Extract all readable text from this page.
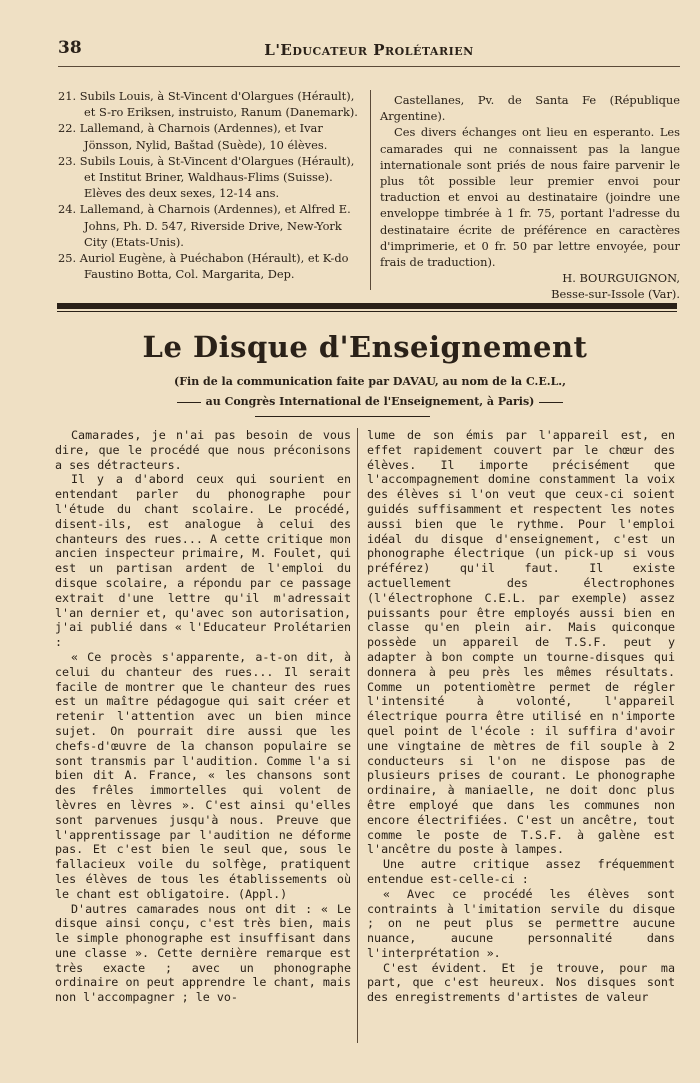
38	L'Educateur Prolétarien
21. Subils Louis, à St-Vincent d'Olargues (Hérault), et S-ro Eriksen, instruisto, Ranum (Danemark).
22. Lallemand, à Charnois (Ardennes), et Ivar Jönsson, Nylid, Baštad (Suède), 10 élèves.
23. Subils Louis, à St-Vincent d'Olargues (Hérault), et Institut Briner, Waldhaus-Flims (Suisse). Elèves des deux sexes, 12-14 ans.
24. Lallemand, à Charnois (Ardennes), et Alfred E. Johns, Ph. D. 547, Riverside Drive, New-York City (Etats-Unis).
25. Auriol Eugène, à Puéchabon (Hérault), et K-do Faustino Botta, Col. Margarita, Dep.

Castellanes, Pv. de Santa Fe (République Argentine).

Ces divers échanges ont lieu en esperanto. Les camarades qui ne connaissent pas la langue internationale sont priés de nous faire parvenir le plus tôt possible leur premier envoi pour traduction et envoi au destinataire (joindre une enveloppe timbrée à 1 fr. 75, portant l'adresse du destinataire écrite de préférence en caractères d'imprimerie, et 0 fr. 50 par lettre envoyée, pour frais de traduction).

H. BOURGUIGNON,

Besse-sur-Issole (Var).

Le Disque d'Enseignement
(Fin de la communication faite par DAVAU, au nom de la C.E.L.,
au Congrès International de l'Enseignement, à Paris)

Camarades, je n'ai pas besoin de vous dire, que le procédé que nous préconisons a ses détracteurs.

Il y a d'abord ceux qui sourient en entendant parler du phonographe pour l'étude du chant scolaire. Le procédé, disent-ils, est analogue à celui des chanteurs des rues... A cette critique mon ancien inspecteur primaire, M. Foulet, qui est un partisan ardent de l'emploi du disque scolaire, a répondu par ce passage extrait d'une lettre qu'il m'adressait l'an dernier et, qu'avec son autorisation, j'ai publié dans « l'Educateur Prolétarien :

« Ce procès s'apparente, a-t-on dit, à celui du chanteur des rues... Il serait facile de montrer que le chanteur des rues est un maître pédagogue qui sait créer et retenir l'attention avec un bien mince sujet. On pourrait dire aussi que les chefs-d'œuvre de la chanson populaire se sont transmis par l'audition. Comme l'a si bien dit A. France, « les chansons sont des frêles immortelles qui volent de lèvres en lèvres ». C'est ainsi qu'elles sont parvenues jusqu'à nous. Preuve que l'apprentissage par l'audition ne déforme pas. Et c'est bien le seul que, sous le fallacieux voile du solfège, pratiquent les élèves de tous les établissements où le chant est obligatoire. (Appl.)

D'autres camarades nous ont dit : « Le disque ainsi conçu, c'est très bien, mais le simple phonographe est insuffisant dans une classe ». Cette dernière remarque est très exacte ; avec un phonographe ordinaire on peut apprendre le chant, mais non l'accompagner ; le vo-

lume de son émis par l'appareil est, en effet rapidement couvert par le chœur des élèves. Il importe précisément que l'accompagnement domine constamment la voix des élèves si l'on veut que ceux-ci soient guidés suffisamment et respectent les notes aussi bien que le rythme. Pour l'emploi idéal du disque d'enseignement, c'est un phonographe électrique (un pick-up si vous préférez) qu'il faut. Il existe actuellement des électrophones (l'électrophone C.E.L. par exemple) assez puissants pour être employés aussi bien en classe qu'en plein air. Mais quiconque possède un appareil de T.S.F. peut y adapter à bon compte un tourne-disques qui donnera à peu près les mêmes résultats. Comme un potentiomètre permet de régler l'intensité à volonté, l'appareil électrique pourra être utilisé en n'importe quel point de l'école : il suffira d'avoir une vingtaine de mètres de fil souple à 2 conducteurs si l'on ne dispose pas de plusieurs prises de courant. Le phonographe ordinaire, à maniaelle, ne doit donc plus être employé que dans les communes non encore électrifiées. C'est un ancêtre, tout comme le poste de T.S.F. à galène est l'ancêtre du poste à lampes.

Une autre critique assez fréquemment entendue est-celle-ci :

« Avec ce procédé les élèves sont contraints à l'imitation servile du disque ; on ne peut plus se permettre aucune nuance, aucune personnalité dans l'interprétation ».

C'est évident. Et je trouve, pour ma part, que c'est heureux. Nos disques sont des enregistrements d'artistes de valeur
